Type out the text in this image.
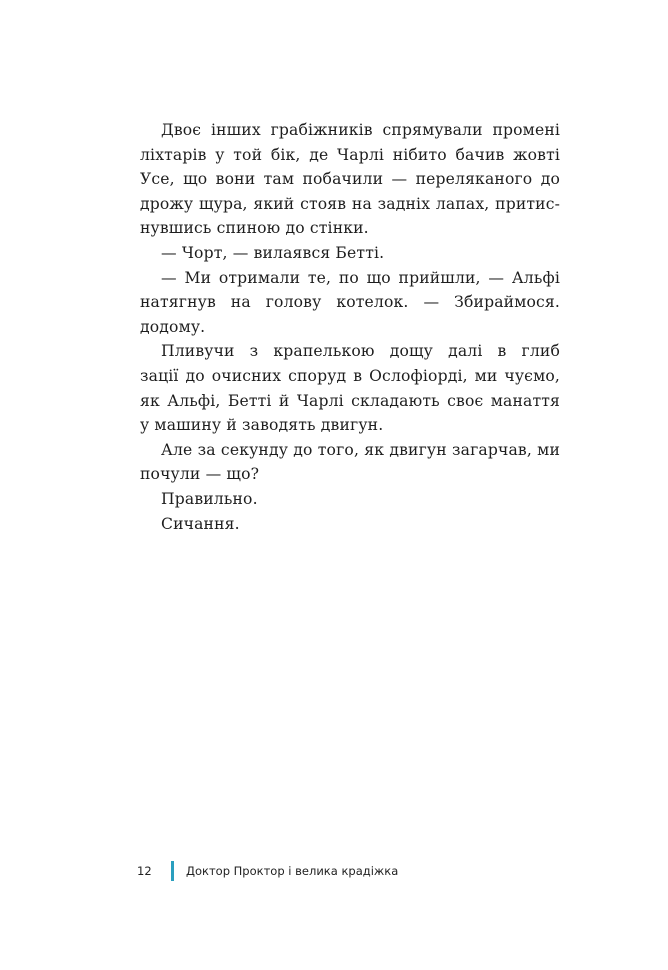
Двоє інших грабіжників спрямували промені
ліхтарів у той бік, де Чарлі нібито бачив жовті
Усе, що вони там побачили — переляканого до
дрожу щура, який стояв на задніх лапах, притис-
нувшись спиною до стінки.
— Чорт, — вилаявся Бетті.
— Ми отримали те, по що прийшли, — Альфі
натягнув на голову котелок. — Збираймося.
додому.
Пливучи з крапелькою дощу далі в глиб
зації до очисних споруд в Ослофіорді, ми чуємо,
як Альфі, Бетті й Чарлі складають своє манаття
у машину й заводять двигун.
Але за секунду до того, як двигун загарчав, ми
почули — що?
Правильно.
Сичання.
12	Доктор Проктор і велика крадіжка
